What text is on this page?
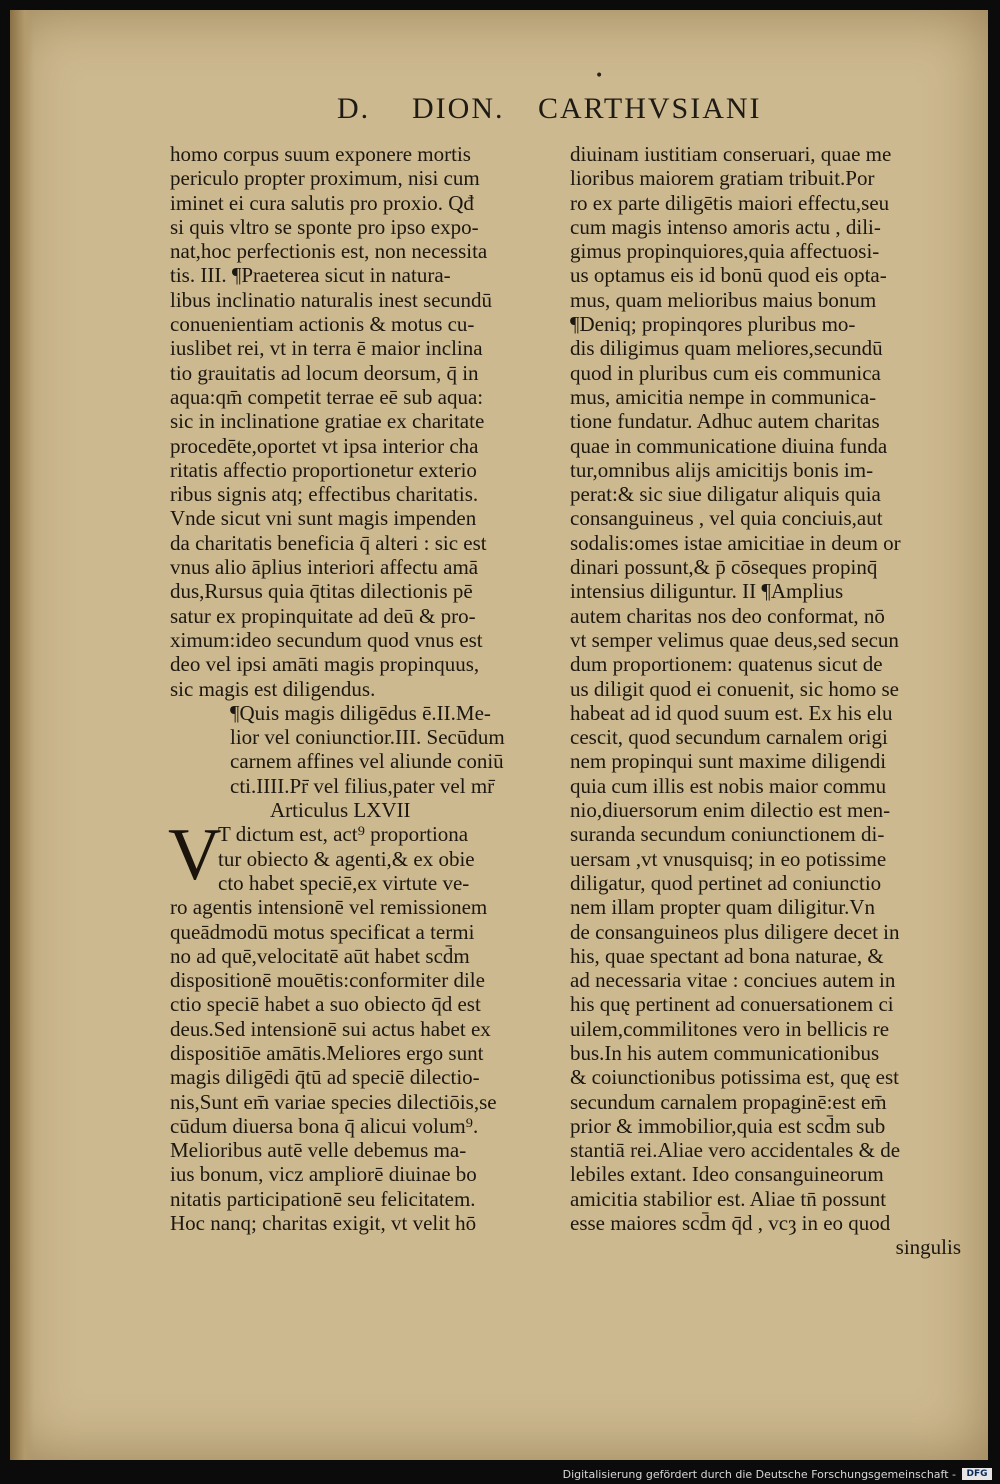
•
D. DION. CARTHVSIANI
homo corpus suum exponere mortis
periculo propter proximum, nisi cum
iminet ei cura salutis pro proxio. Qđ
si quis vltro se sponte pro ipso expo-
nat,hoc perfectionis est, non necessita
tis. III. ¶Praeterea sicut in natura-
libus inclinatio naturalis inest secundū
conuenientiam actionis & motus cu-
iuslibet rei, vt in terra ē maior inclina
tio grauitatis ad locum deorsum, q̄ in
aqua:qm̄ competit terrae eē sub aqua:
sic in inclinatione gratiae ex charitate
procedēte,oportet vt ipsa interior cha
ritatis affectio proportionetur exterio
ribus signis atq; effectibus charitatis.
Vnde sicut vni sunt magis impenden
da charitatis beneficia q̄ alteri : sic est
vnus alio āplius interiori affectu amā
dus,Rursus quia q̄titas dilectionis pē
satur ex propinquitate ad deū & pro-
ximum:ideo secundum quod vnus est
deo vel ipsi amāti magis propinquus,
sic magis est diligendus.
¶Quis magis diligēdus ē.II.Me-
lior vel coniunctior.III. Secūdum
carnem affines vel aliunde coniū
cti.IIII.Pr̄ vel filius,pater vel mr̄
Articulus LXVII
V
T dictum est, act⁹ proportiona
tur obiecto & agenti,& ex obie
cto habet speciē,ex virtute ve-
ro agentis intensionē vel remissionem
queādmodū motus specificat a termi
no ad quē,velocitatē aūt habet scd̄m
dispositionē mouētis:conformiter dile
ctio speciē habet a suo obiecto q̄d est
deus.Sed intensionē sui actus habet ex
dispositiōe amātis.Meliores ergo sunt
magis diligēdi q̄tū ad speciē dilectio-
nis,Sunt em̄ variae species dilectiōis,se
cūdum diuersa bona q̄ alicui volum⁹.
Melioribus autē velle debemus ma-
ius bonum, vicz ampliorē diuinae bo
nitatis participationē seu felicitatem.
Hoc nanq; charitas exigit, vt velit hō
diuinam iustitiam conseruari, quae me
lioribus maiorem gratiam tribuit.Por
ro ex parte diligētis maiori effectu,seu
cum magis intenso amoris actu , dili-
gimus propinquiores,quia affectuosi-
us optamus eis id bonū quod eis opta-
mus, quam melioribus maius bonum
¶Deniq; propinqores pluribus mo-
dis diligimus quam meliores,secundū
quod in pluribus cum eis communica
mus, amicitia nempe in communica-
tione fundatur. Adhuc autem charitas
quae in communicatione diuina funda
tur,omnibus alijs amicitijs bonis im-
perat:& sic siue diligatur aliquis quia
consanguineus , vel quia conciuis,aut
sodalis:omes istae amicitiae in deum or
dinari possunt,& p̄ cōseques propinq̄
intensius diliguntur. II ¶Amplius
autem charitas nos deo conformat, nō
vt semper velimus quae deus,sed secun
dum proportionem: quatenus sicut de
us diligit quod ei conuenit, sic homo se
habeat ad id quod suum est. Ex his elu
cescit, quod secundum carnalem origi
nem propinqui sunt maxime diligendi
quia cum illis est nobis maior commu
nio,diuersorum enim dilectio est men-
suranda secundum coniunctionem di-
uersam ,vt vnusquisq; in eo potissime
diligatur, quod pertinet ad coniunctio
nem illam propter quam diligitur.Vn
de consanguineos plus diligere decet in
his, quae spectant ad bona naturae, &
ad necessaria vitae : conciues autem in
his quę pertinent ad conuersationem ci
uilem,commilitones vero in bellicis re
bus.In his autem communicationibus
& coiunctionibus potissima est, quę est
secundum carnalem propaginē:est em̄
prior & immobilior,quia est scd̄m sub
stantiā rei.Aliae vero accidentales & de
lebiles extant. Ideo consanguineorum
amicitia stabilior est. Aliae tn̄ possunt
esse maiores scd̄m q̄d , vcȝ in eo quod
singulis
Digitalisierung gefördert durch die Deutsche Forschungsgemeinschaft -	DFG
